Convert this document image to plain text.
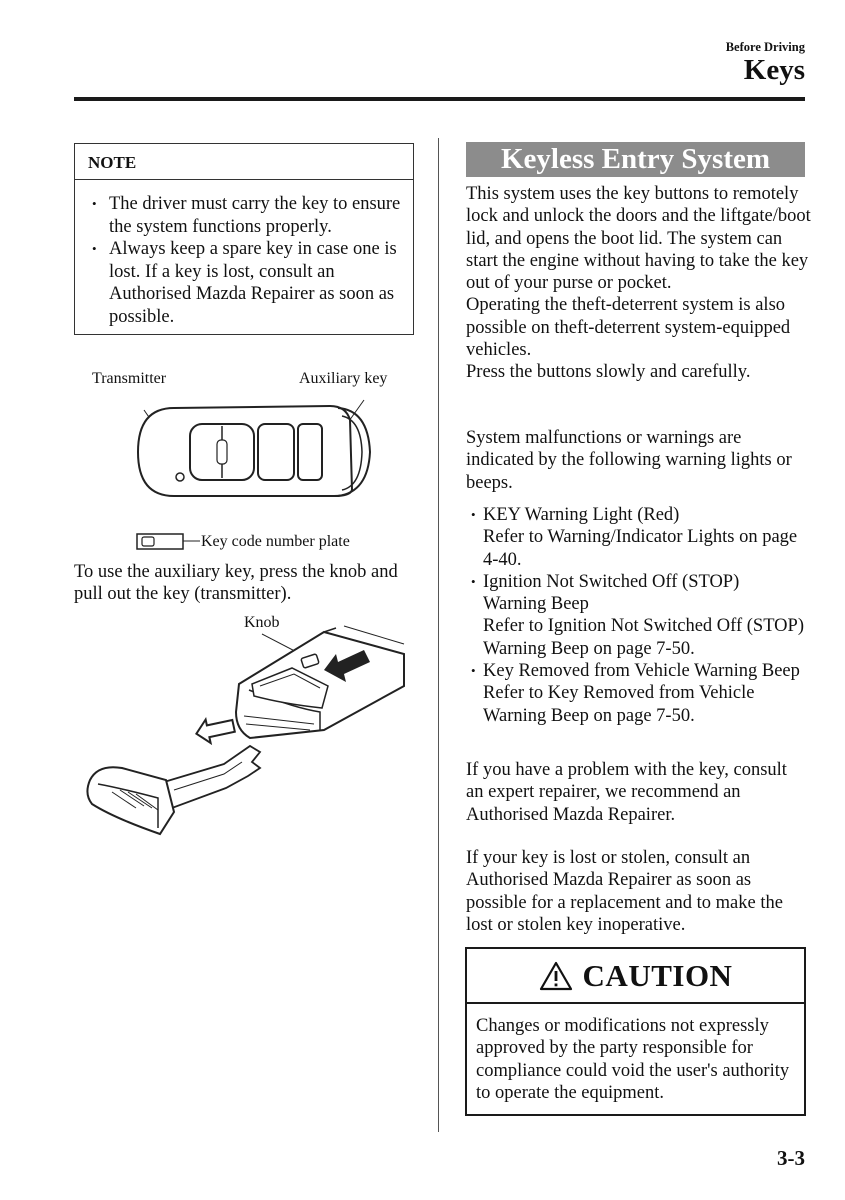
Before Driving
Keys
NOTE
• The driver must carry the key to ensure the system functions properly.
• Always keep a spare key in case one is lost. If a key is lost, consult an Authorised Mazda Repairer as soon as possible.
Transmitter	Auxiliary key
Key code number plate
To use the auxiliary key, press the knob and pull out the key (transmitter).
Knob
Keyless Entry System
This system uses the key buttons to remotely lock and unlock the doors and the liftgate/boot lid, and opens the boot lid. The system can start the engine without having to take the key out of your purse or pocket.
Operating the theft-deterrent system is also possible on theft-deterrent system-equipped vehicles.
Press the buttons slowly and carefully.
System malfunctions or warnings are indicated by the following warning lights or beeps.
• KEY Warning Light (Red)
Refer to Warning/Indicator Lights on page 4-40.
• Ignition Not Switched Off (STOP) Warning Beep
Refer to Ignition Not Switched Off (STOP) Warning Beep on page 7-50.
• Key Removed from Vehicle Warning Beep
Refer to Key Removed from Vehicle Warning Beep on page 7-50.
If you have a problem with the key, consult an expert repairer, we recommend an Authorised Mazda Repairer.
If your key is lost or stolen, consult an Authorised Mazda Repairer as soon as possible for a replacement and to make the lost or stolen key inoperative.
CAUTION
Changes or modifications not expressly approved by the party responsible for compliance could void the user's authority to operate the equipment.
3-3
